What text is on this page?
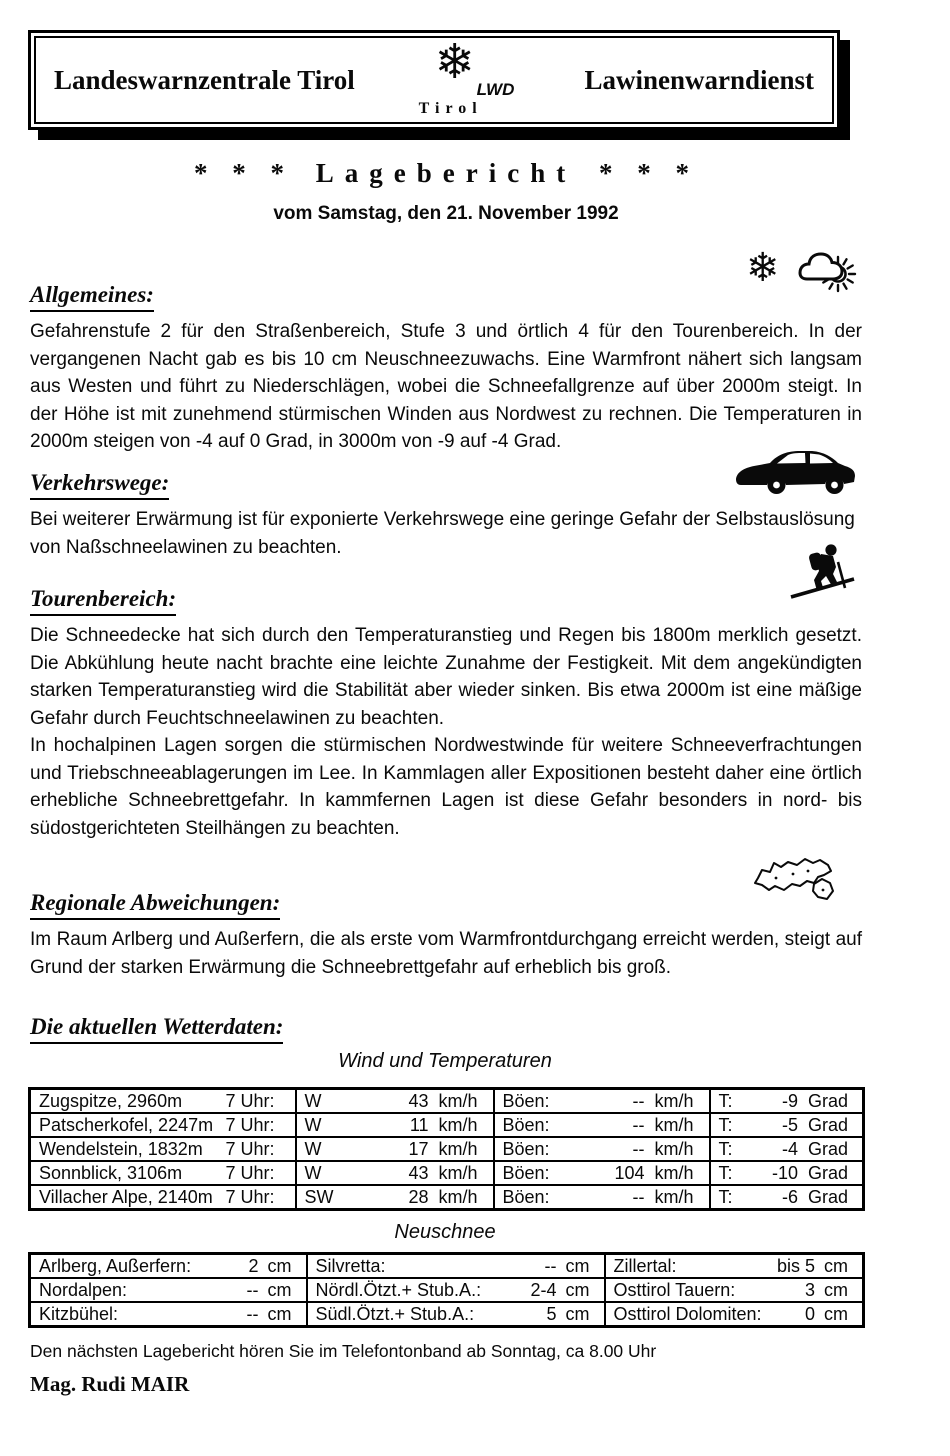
Landeswarnzentrale Tirol ❄ LWD
Tirol
Lawinenwarndienst
* * * Lagebericht * * *
vom Samstag, den 21. November 1992
❄
Allgemeines:

Gefahrenstufe 2 für den Straßenbereich, Stufe 3 und örtlich 4 für den Tourenbereich. In der vergangenen Nacht gab es bis 10 cm Neuschneezuwachs. Eine Warmfront nähert sich langsam aus Westen und führt zu Niederschlägen, wobei die Schneefallgrenze auf über 2000m steigt. In der Höhe ist mit zunehmend stürmischen Winden aus Nordwest zu rechnen. Die Temperaturen in 2000m steigen von -4 auf 0 Grad, in 3000m von -9 auf -4 Grad.

Verkehrswege:

Bei weiterer Erwärmung ist für exponierte Verkehrswege eine geringe Gefahr der Selbstauslösung von Naßschneelawinen zu beachten.

Tourenbereich:

Die Schneedecke hat sich durch den Temperaturanstieg und Regen bis 1800m merklich gesetzt. Die Abkühlung heute nacht brachte eine leichte Zunahme der Festigkeit. Mit dem angekündigten starken Temperaturanstieg wird die Stabilität aber wieder sinken. Bis etwa 2000m ist eine mäßige Gefahr durch Feuchtschneelawinen zu beachten.

In hochalpinen Lagen sorgen die stürmischen Nordwestwinde für weitere Schneeverfrachtungen und Triebschneeablagerungen im Lee. In Kammlagen aller Expositionen besteht daher eine örtlich erhebliche Schneebrettgefahr. In kammfernen Lagen ist diese Gefahr besonders in nord- bis südostgerichteten Steilhängen zu beachten.

Regionale Abweichungen:

Im Raum Arlberg und Außerfern, die als erste vom Warmfrontdurchgang erreicht werden, steigt auf Grund der starken Erwärmung die Schneebrettgefahr auf erheblich bis groß.

Die aktuellen Wetterdaten:
Wind und Temperaturen
Zugspitze, 2960m 7 Uhr:	W 43 km/h	Böen: -- km/h	T: -9 Grad

Patscherkofel, 2247m 7 Uhr:	W 11 km/h	Böen: -- km/h	T: -5 Grad

Wendelstein, 1832m 7 Uhr:	W 17 km/h	Böen: -- km/h	T: -4 Grad

Sonnblick, 3106m 7 Uhr:	W 43 km/h	Böen: 104 km/h	T: -10 Grad

Villacher Alpe, 2140m 7 Uhr:	SW 28 km/h	Böen: -- km/h	T: -6 Grad
Neuschnee
Arlberg, Außerfern: 2 cm	Silvretta: -- cm	Zillertal: bis 5 cm

Nordalpen: -- cm	Nördl.Ötzt.+ Stub.A.: 2-4 cm	Osttirol Tauern: 3 cm

Kitzbühel: -- cm	Südl.Ötzt.+ Stub.A.: 5 cm	Osttirol Dolomiten: 0 cm
Den nächsten Lagebericht hören Sie im Telefontonband ab Sonntag, ca 8.00 Uhr
Mag. Rudi MAIR
